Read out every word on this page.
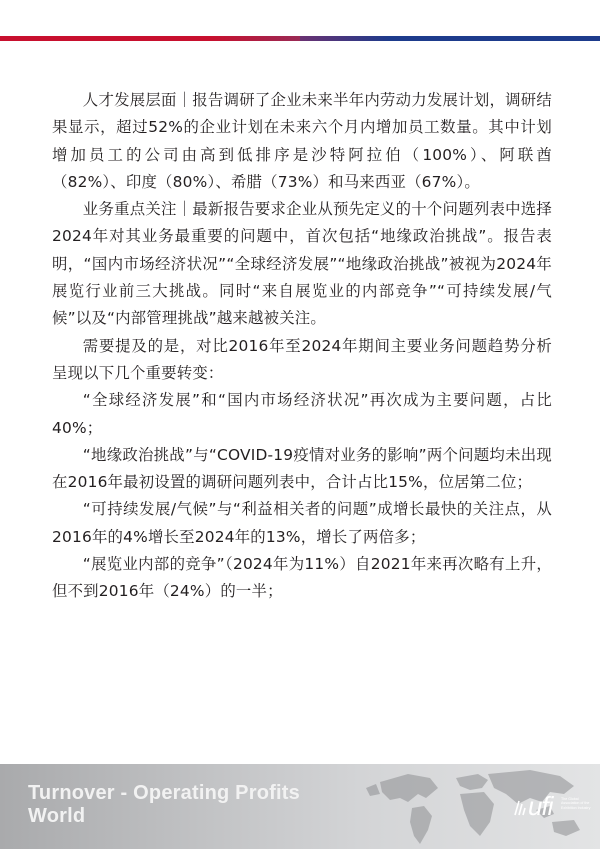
人才发展层面｜报告调研了企业未来半年内劳动力发展计划，调研结果显示，超过52%的企业计划在未来六个月内增加员工数量。其中计划增加员工的公司由高到低排序是沙特阿拉伯（100%）、阿联酋（82%）、印度（80%）、希腊（73%）和马来西亚（67%）。

业务重点关注｜最新报告要求企业从预先定义的十个问题列表中选择2024年对其业务最重要的问题中，首次包括“地缘政治挑战”。报告表明，“国内市场经济状况”“全球经济发展”“地缘政治挑战”被视为2024年展览行业前三大挑战。同时“来自展览业的内部竞争”“可持续发展/气候”以及“内部管理挑战”越来越被关注。

需要提及的是，对比2016年至2024年期间主要业务问题趋势分析呈现以下几个重要转变：

“全球经济发展”和“国内市场经济状况”再次成为主要问题，占比40%；

“地缘政治挑战”与“COVID-19疫情对业务的影响”两个问题均未出现在2016年最初设置的调研问题列表中，合计占比15%，位居第二位；

“可持续发展/气候”与“利益相关者的问题”成增长最快的关注点，从2016年的4%增长至2024年的13%，增长了两倍多；

“展览业内部的竞争”（2024年为11%）自2021年来再次略有上升，但不到2016年（24%）的一半；

Turnover - Operating Profits
World	ufi The Global
Association of the
Exhibition Industry
